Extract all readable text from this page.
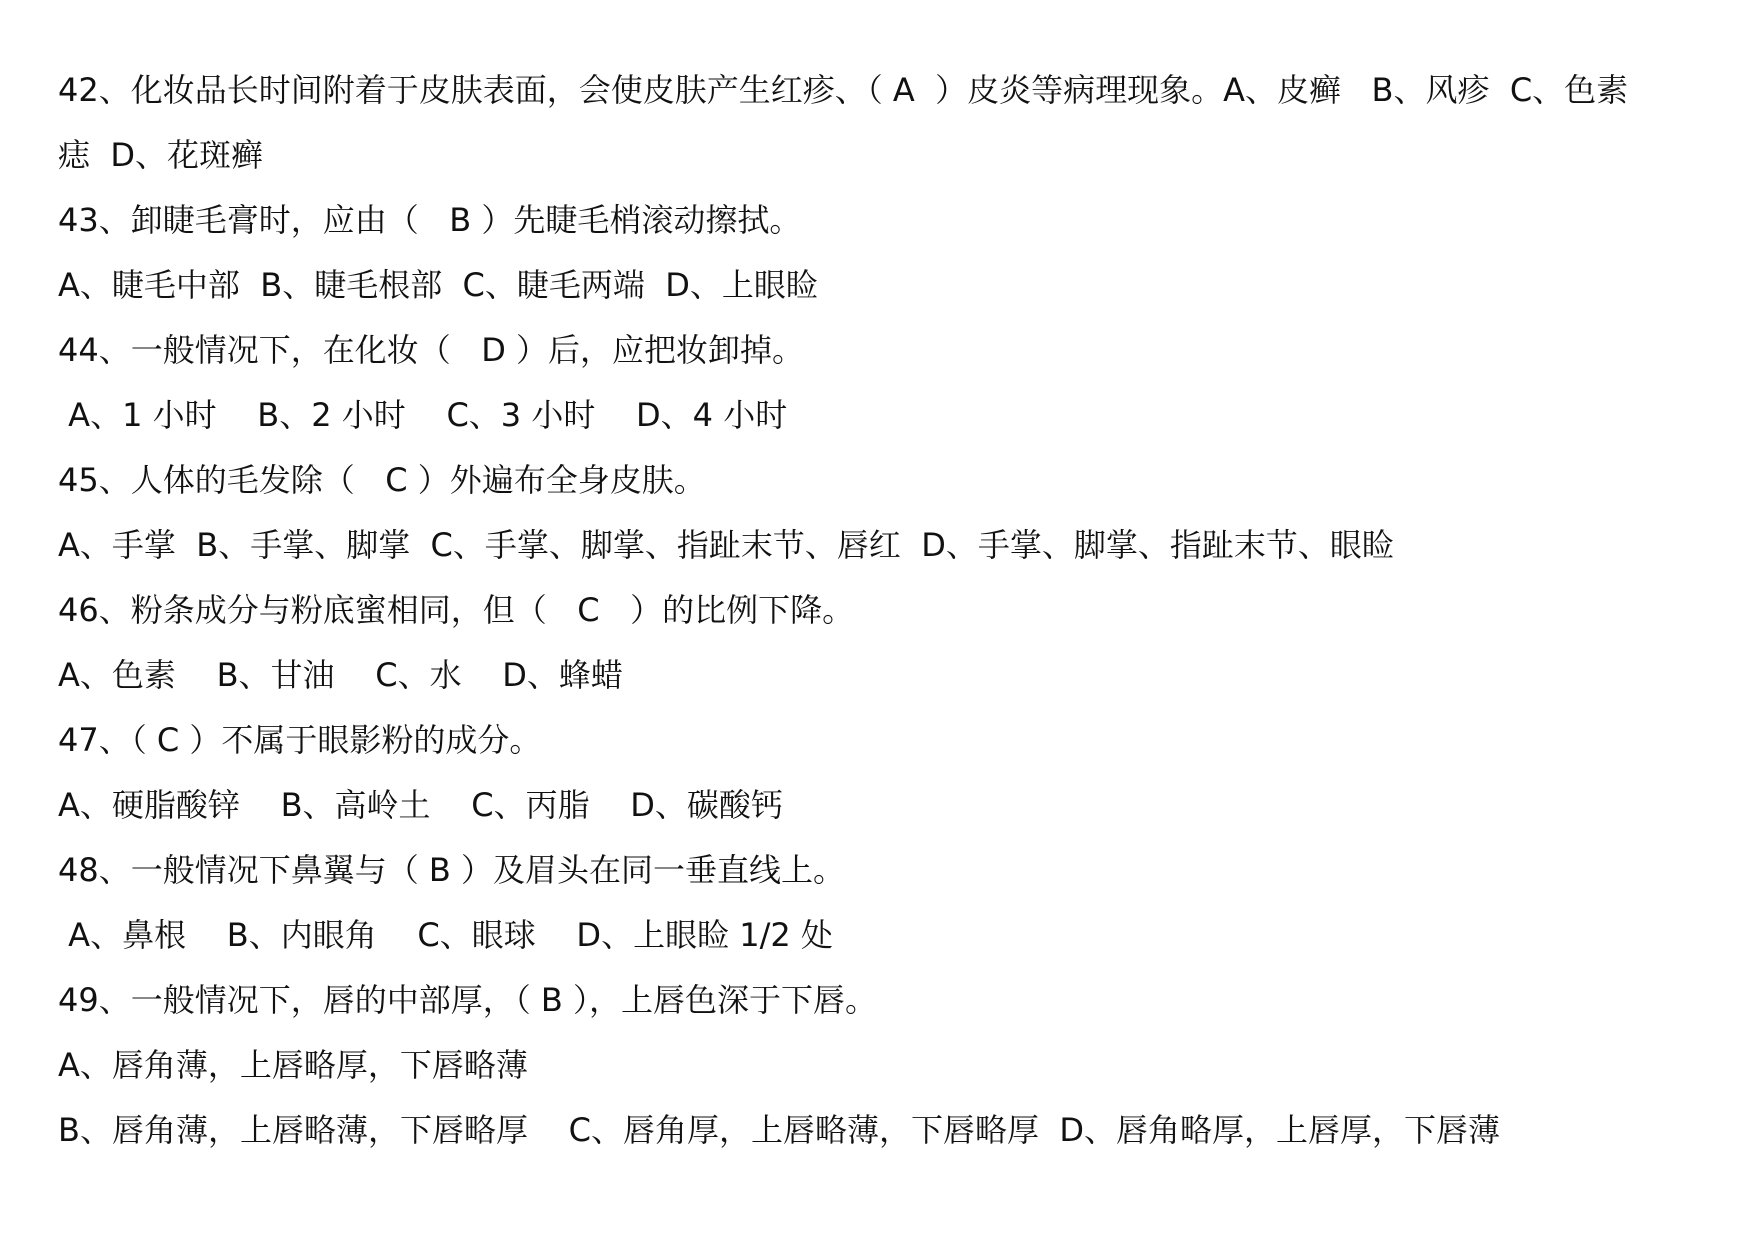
42、化妆品长时间附着于皮肤表面，会使皮肤产生红疹、（ A  ）皮炎等病理现象。A、皮癣   B、风疹  C、色素
痣  D、花斑癣
43、卸睫毛膏时，应由（   B ）先睫毛梢滚动擦拭。
A、睫毛中部  B、睫毛根部  C、睫毛两端  D、上眼睑
44、一般情况下，在化妆（   D ）后，应把妆卸掉。
A、1 小时    B、2 小时    C、3 小时    D、4 小时
45、人体的毛发除（   C ）外遍布全身皮肤。
A、手掌  B、手掌、脚掌  C、手掌、脚掌、指趾末节、唇红  D、手掌、脚掌、指趾末节、眼睑
46、粉条成分与粉底蜜相同，但（   C   ）的比例下降。
A、色素    B、甘油    C、水    D、蜂蜡
47、（ C ）不属于眼影粉的成分。
A、硬脂酸锌    B、高岭土    C、丙脂    D、碳酸钙
48、一般情况下鼻翼与（ B ）及眉头在同一垂直线上。
A、鼻根    B、内眼角    C、眼球    D、上眼睑 1/2 处
49、一般情况下，唇的中部厚，（ B ），上唇色深于下唇。
A、唇角薄，上唇略厚，下唇略薄
B、唇角薄，上唇略薄，下唇略厚    C、唇角厚，上唇略薄，下唇略厚  D、唇角略厚，上唇厚，下唇薄
